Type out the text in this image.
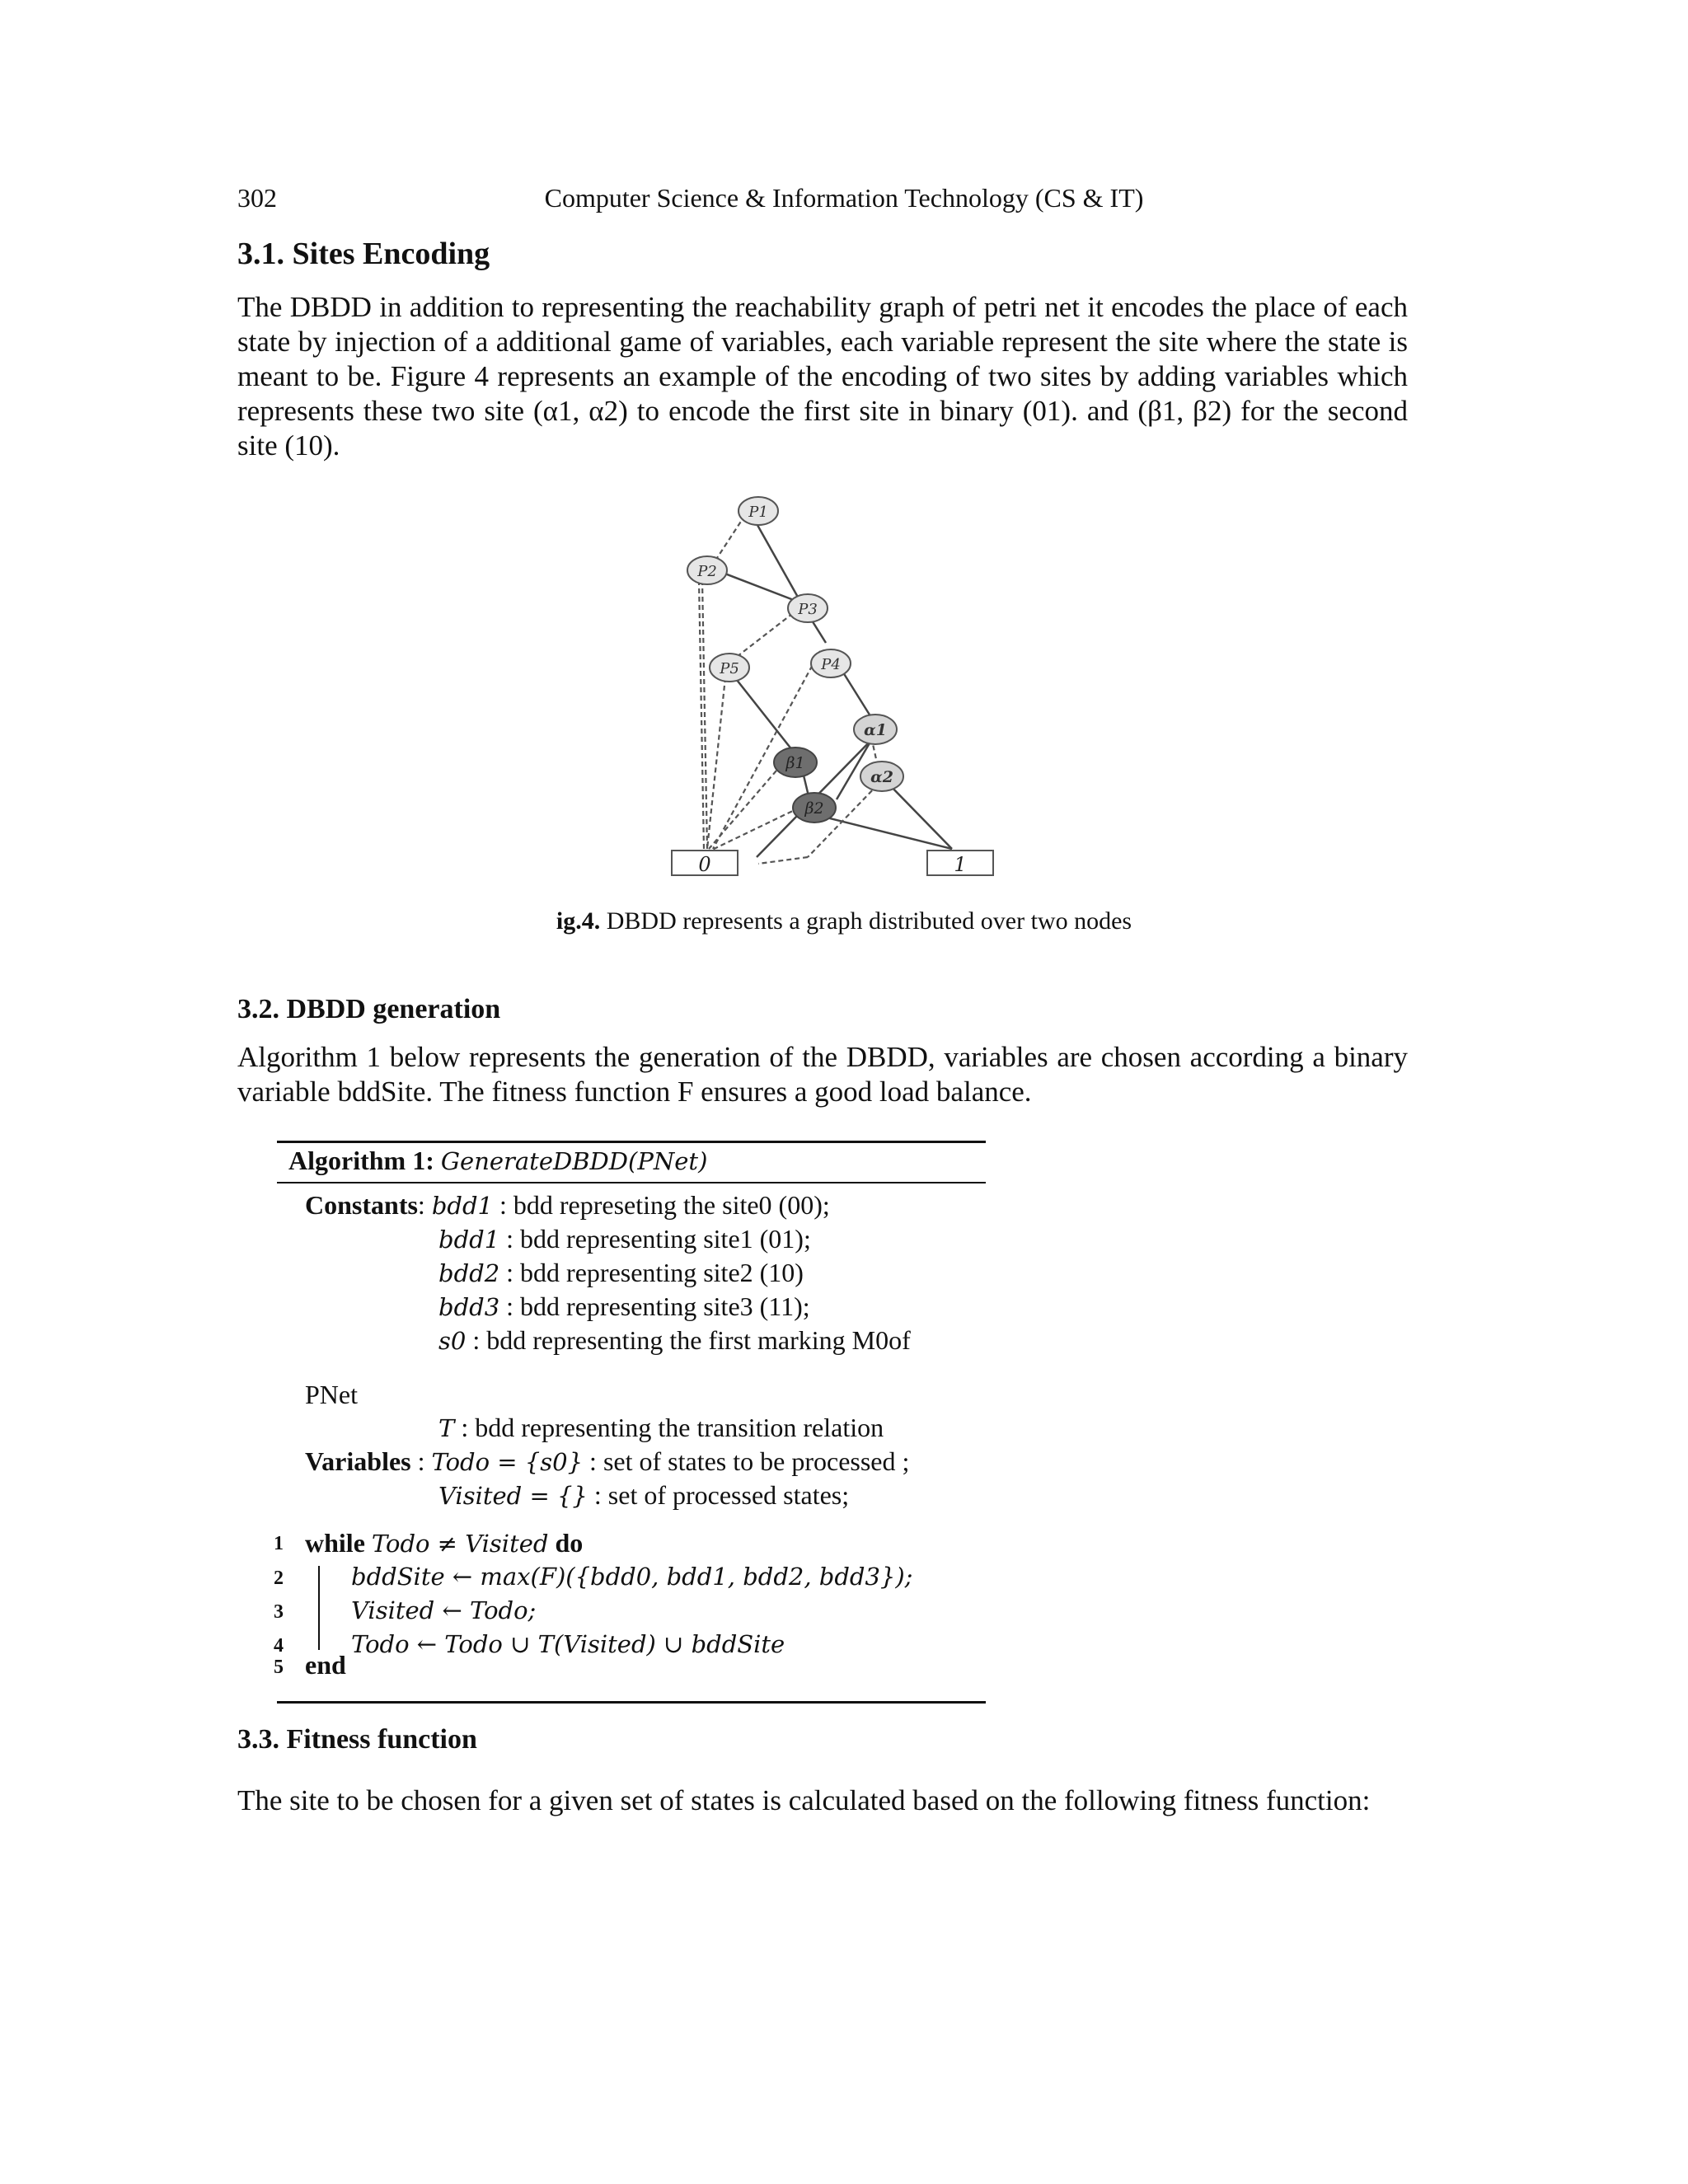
302	Computer Science & Information Technology (CS & IT)
3.1. Sites Encoding

The DBDD in addition to representing the reachability graph of petri net it encodes the place of each state by injection of a additional game of variables, each variable represent the site where the state is meant to be. Figure 4 represents an example of the encoding of two sites by adding variables which represents these two site (α1, α2) to encode the first site in binary (01). and (β1, β2) for the second site (10).

P1
P2
P3
P5	P4
α1
α2
β1
β2
0	1
ig.4. DBDD represents a graph distributed over two nodes
3.2. DBDD generation

Algorithm 1 below represents the generation of the DBDD, variables are chosen according a binary variable bddSite. The fitness function F ensures a good load balance.

Algorithm 1: GenerateDBDD(PNet)
Constants: bdd1 : bdd represeting the site0 (00);
bdd1 : bdd representing site1 (01);
bdd2 : bdd representing site2 (10)
bdd3 : bdd representing site3 (11);
s0 : bdd representing the first marking M0of
PNet
T : bdd representing the transition relation
Variables : Todo = {s0} : set of states to be processed ;
Visited = {} : set of processed states;
1 while Todo ≠ Visited do
2	bddSite ← max(F)({bdd0, bdd1, bdd2, bdd3});
3	Visited ← Todo;
4	Todo ← Todo ∪ T(Visited) ∪ bddSite
5 end
3.3. Fitness function

The site to be chosen for a given set of states is calculated based on the following fitness function:
